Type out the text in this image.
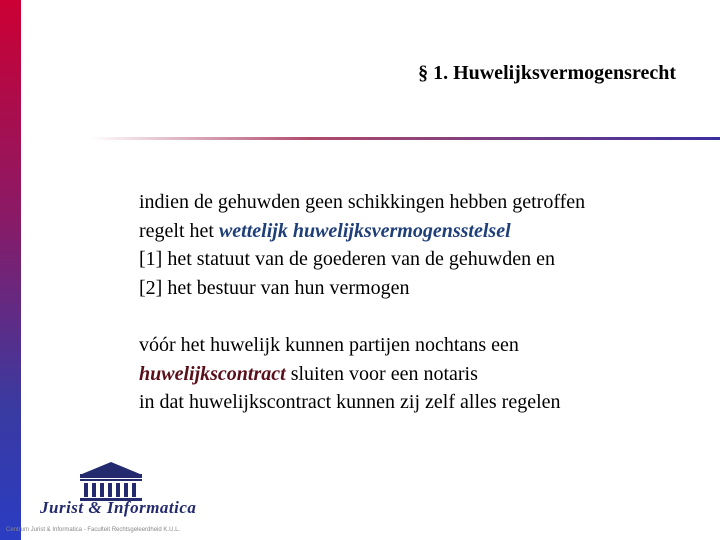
§ 1. Huwelijksvermogensrecht

indien de gehuwden geen schikkingen hebben getroffen
regelt het wettelijk huwelijksvermogensstelsel
[1] het statuut van de goederen van de gehuwden en
[2] het bestuur van hun vermogen

vóór het huwelijk kunnen partijen nochtans een
huwelijkscontract sluiten voor een notaris
in dat huwelijkscontract kunnen zij zelf alles regelen

Jurist & Informatica
Centrum Jurist & Informatica - Faculteit Rechtsgeleerdheid K.U.L.
